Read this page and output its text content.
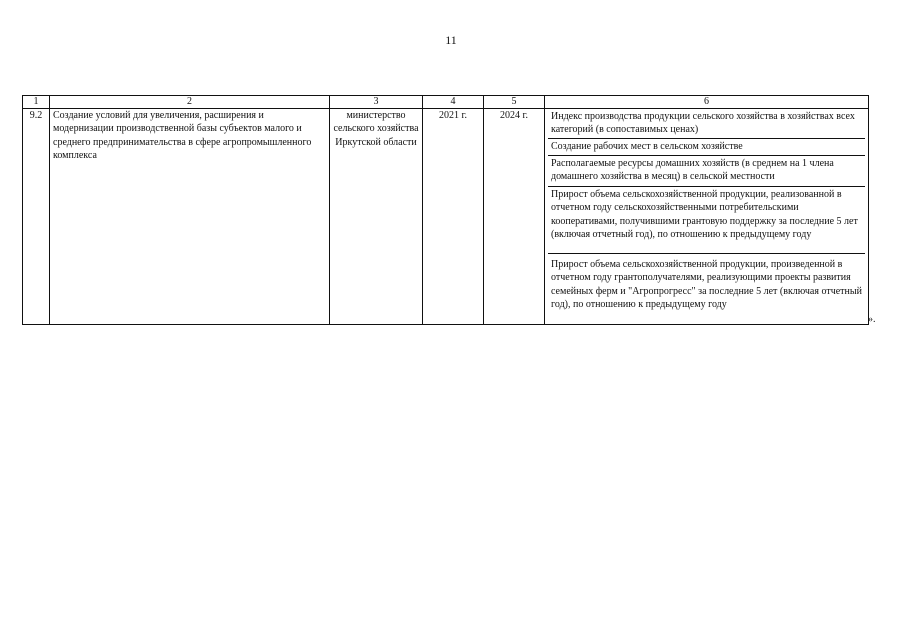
11
1	2	3	4	5	6
9.2	Создание условий для увеличения, расширения и модернизации производственной базы субъектов малого и среднего предпринимательства в сфере агропромышленного комплекса	министерство сельского хозяйства Иркутской области	2021 г.	2024 г.	Индекс производства продукции сельского хозяйства в хозяйствах всех категорий (в сопоставимых ценах)
Создание рабочих мест в сельском хозяйстве
Располагаемые ресурсы домашних хозяйств (в среднем на 1 члена домашнего хозяйства в месяц) в сельской местности
Прирост объема сельскохозяйственной продукции, реализованной в отчетном году сельскохозяйственными потребительскими кооперативами, получившими грантовую поддержку за последние 5 лет (включая отчетный год), по отношению к предыдущему году
Прирост объема сельскохозяйственной продукции, произведенной в отчетном году грантополучателями, реализующими проекты развития семейных ферм и "Агропрогресс" за последние 5 лет (включая отчетный год), по отношению к предыдущему году
».
